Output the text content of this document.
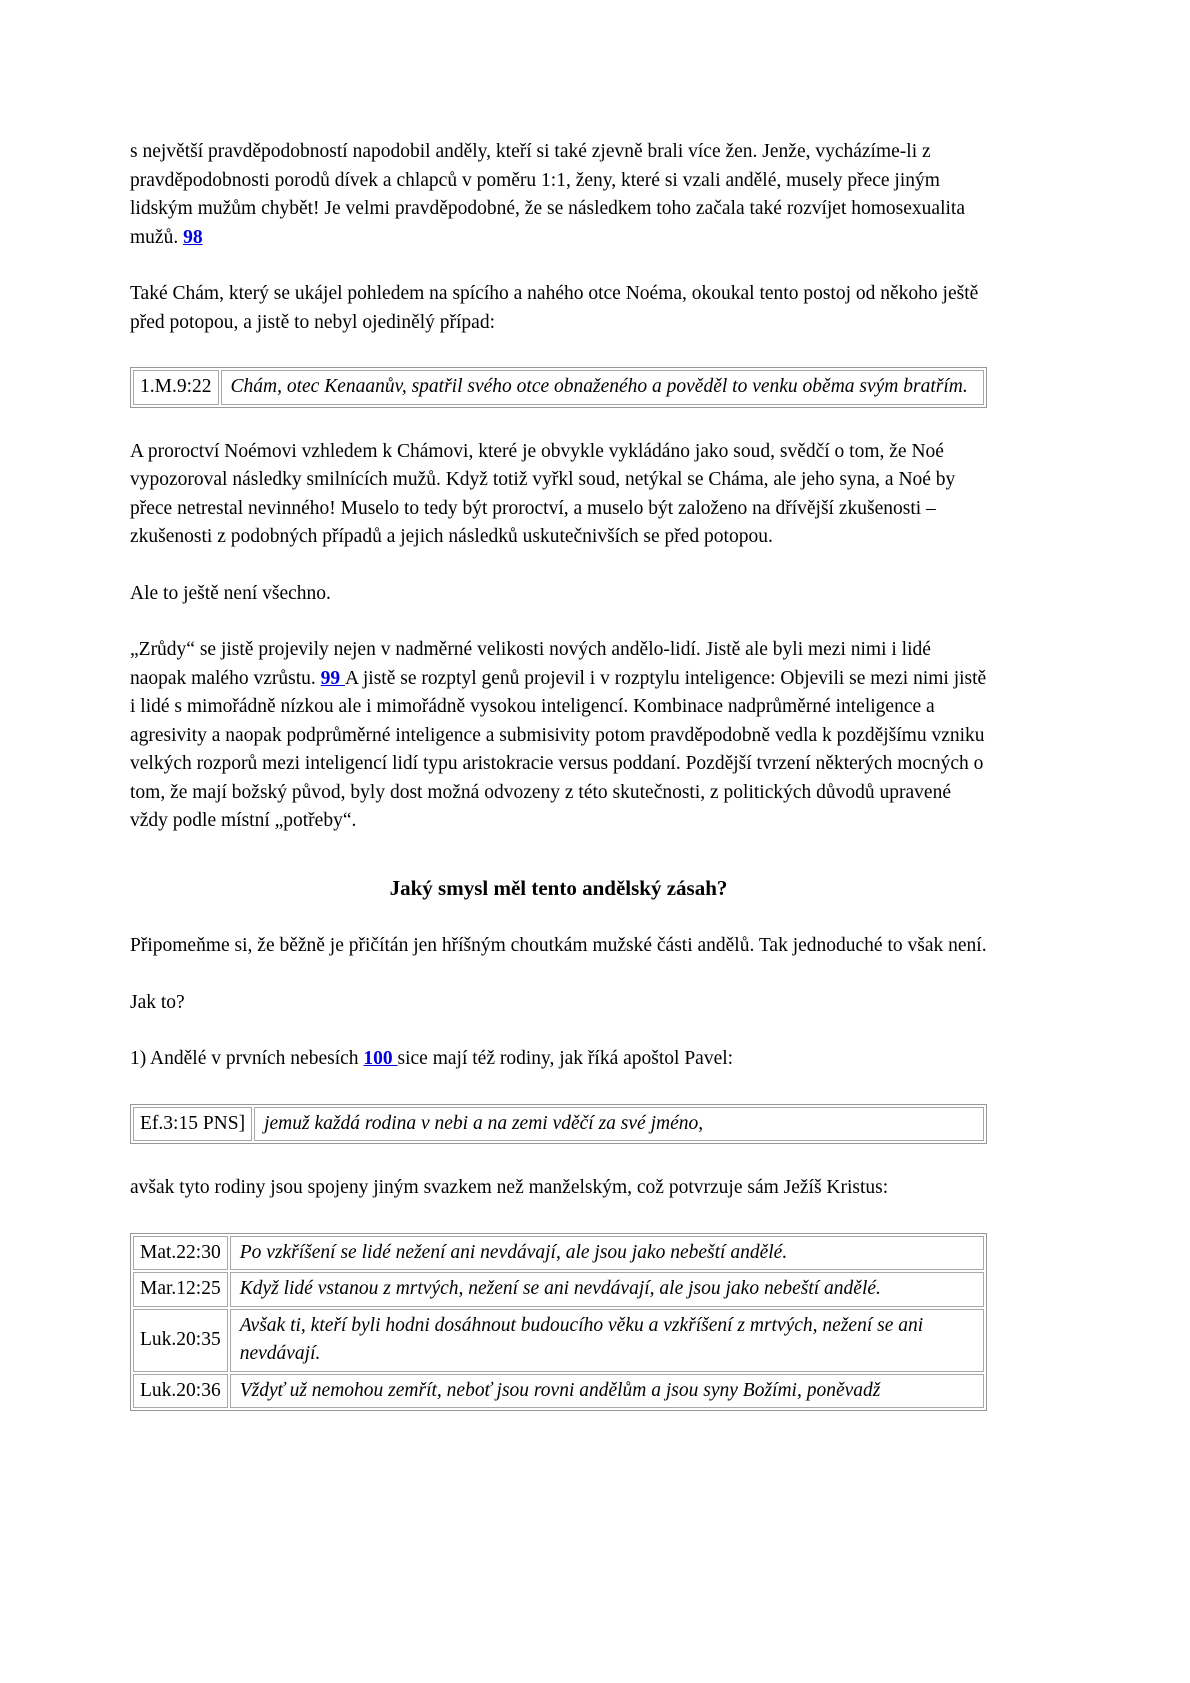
s největší pravděpodobností napodobil anděly, kteří si také zjevně brali více žen. Jenže, vycházíme-li z pravděpodobnosti porodů dívek a chlapců v poměru 1:1, ženy, které si vzali andělé, musely přece jiným lidským mužům chybět! Je velmi pravděpodobné, že se následkem toho začala také rozvíjet homosexualita mužů. 98

Také Chám, který se ukájel pohledem na spícího a nahého otce Noéma, okoukal tento postoj od někoho ještě před potopou, a jistě to nebyl ojedinělý případ:

1.M.9:22	Chám, otec Kenaanův, spatřil svého otce obnaženého a pověděl to venku oběma svým bratřím.

A proroctví Noémovi vzhledem k Chámovi, které je obvykle vykládáno jako soud, svědčí o tom, že Noé vypozoroval následky smilnících mužů. Když totiž vyřkl soud, netýkal se Cháma, ale jeho syna, a Noé by přece netrestal nevinného! Muselo to tedy být proroctví, a muselo být založeno na dřívější zkušenosti – zkušenosti z podobných případů a jejich následků uskutečnivších se před potopou.

Ale to ještě není všechno.

„Zrůdy“ se jistě projevily nejen v nadměrné velikosti nových andělo-lidí. Jistě ale byli mezi nimi i lidé naopak malého vzrůstu. 99 A jistě se rozptyl genů projevil i v rozptylu inteligence: Objevili se mezi nimi jistě i lidé s mimořádně nízkou ale i mimořádně vysokou inteligencí. Kombinace nadprůměrné inteligence a agresivity a naopak podprůměrné inteligence a submisivity potom pravděpodobně vedla k pozdějšímu vzniku velkých rozporů mezi inteligencí lidí typu aristokracie versus poddaní. Pozdější tvrzení některých mocných o tom, že mají božský původ, byly dost možná odvozeny z této skutečnosti, z politických důvodů upravené vždy podle místní „potřeby“.

Jaký smysl měl tento andělský zásah?

Připomeňme si, že běžně je přičítán jen hříšným choutkám mužské části andělů. Tak jednoduché to však není.

Jak to?

1) Andělé v prvních nebesích 100 sice mají též rodiny, jak říká apoštol Pavel:

Ef.3:15 PNS]	jemuž každá rodina v nebi a na zemi vděčí za své jméno,

avšak tyto rodiny jsou spojeny jiným svazkem než manželským, což potvrzuje sám Ježíš Kristus:

Mat.22:30	Po vzkříšení se lidé nežení ani nevdávají, ale jsou jako nebeští andělé.
Mar.12:25	Když lidé vstanou z mrtvých, nežení se ani nevdávají, ale jsou jako nebeští andělé.
Luk.20:35	Avšak ti, kteří byli hodni dosáhnout budoucího věku a vzkříšení z mrtvých, nežení se ani nevdávají.
Luk.20:36	Vždyť už nemohou zemřít, neboť jsou rovni andělům a jsou syny Božími, poněvadž
